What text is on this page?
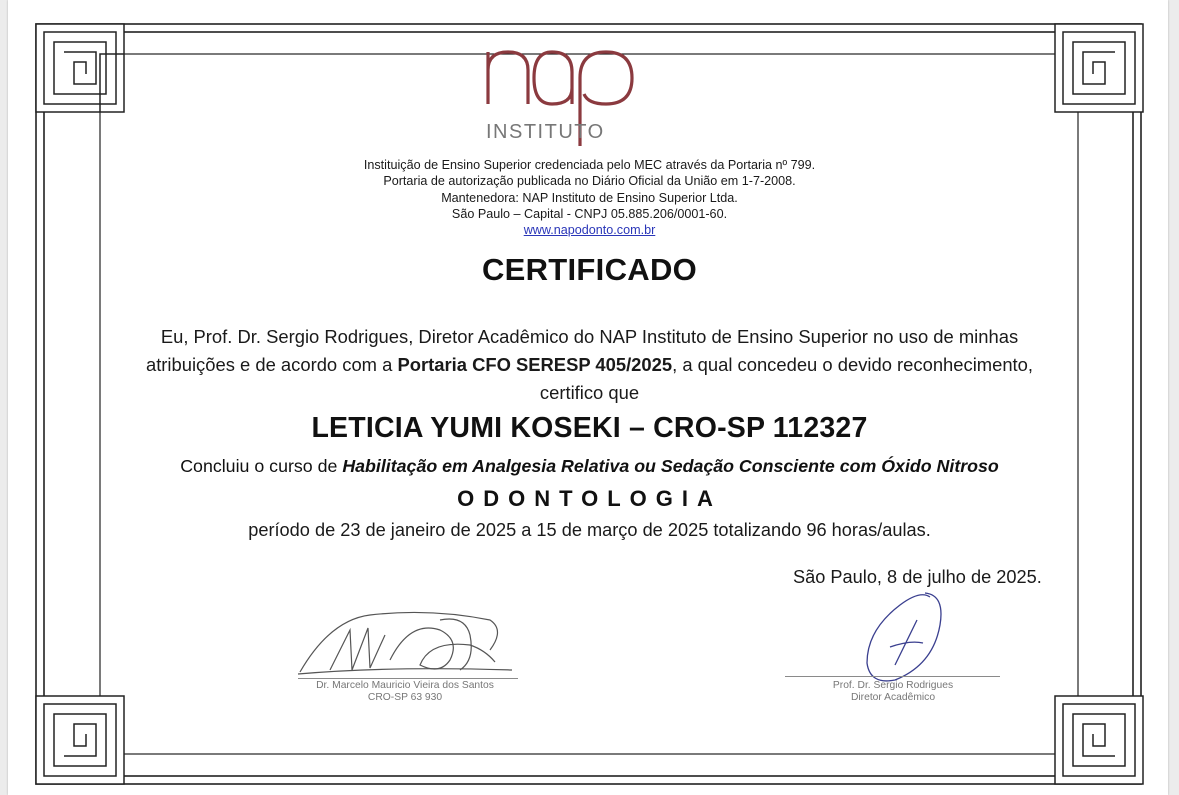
INSTITUTO
Instituição de Ensino Superior credenciada pelo MEC através da Portaria nº 799.
Portaria de autorização publicada no Diário Oficial da União em 1-7-2008.
Mantenedora: NAP Instituto de Ensino Superior Ltda.
São Paulo – Capital - CNPJ 05.885.206/0001-60.
www.napodonto.com.br
CERTIFICADO
Eu, Prof. Dr. Sergio Rodrigues, Diretor Acadêmico do NAP Instituto de Ensino Superior no uso de minhas
atribuições e de acordo com a Portaria CFO SERESP 405/2025, a qual concedeu o devido reconhecimento,
certifico que
LETICIA YUMI KOSEKI – CRO-SP 112327
Concluiu o curso de Habilitação em Analgesia Relativa ou Sedação Consciente com Óxido Nitroso
ODONTOLOGIA
período de 23 de janeiro de 2025 a 15 de março de 2025 totalizando 96 horas/aulas.
São Paulo, 8 de julho de 2025.
Dr. Marcelo Mauricio Vieira dos Santos
CRO-SP 63 930
Prof. Dr. Sergio Rodrigues
Diretor Acadêmico
